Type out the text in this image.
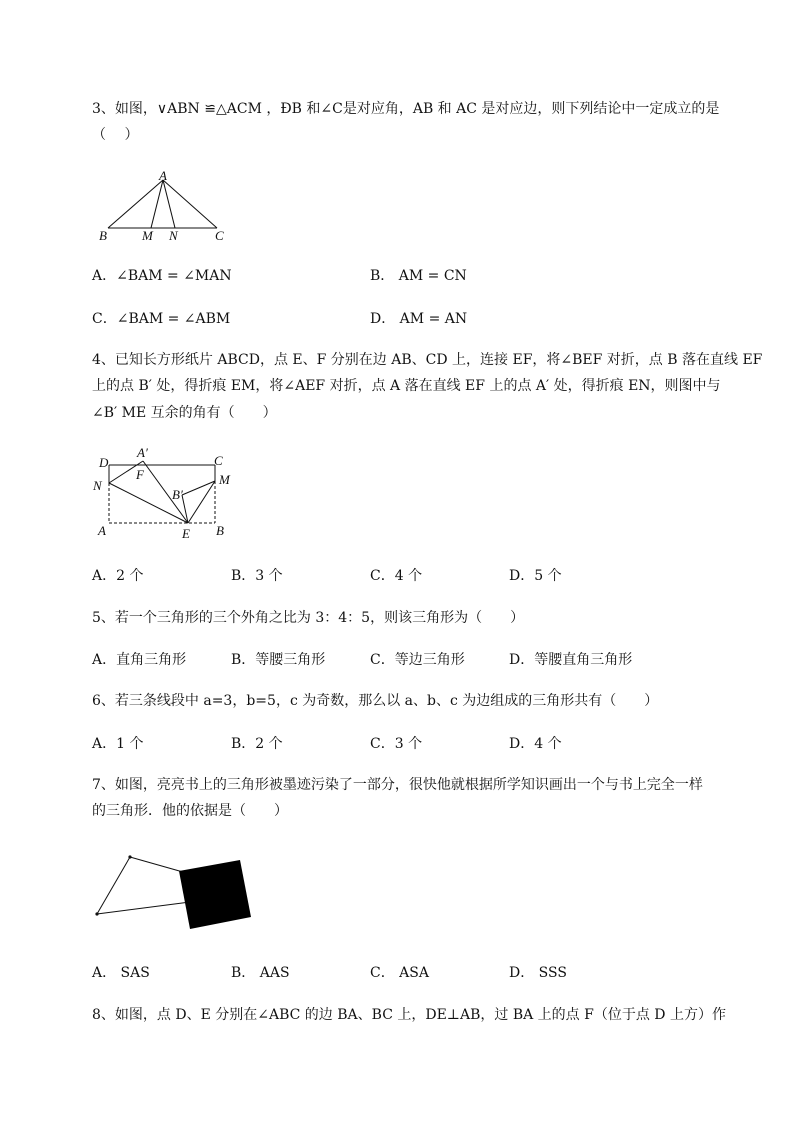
3、如图，∨ABN ≌△ACM ，ÐB 和∠C是对应角，AB 和 AC 是对应边，则下列结论中一定成立的是
（　 ）
A
B	M N	C
A．∠BAM = ∠MAN	B． AM = CN
C．∠BAM = ∠ABM	D． AM = AN
4、已知长方形纸片 ABCD，点 E、F 分别在边 AB、CD 上，连接 EF，将∠BEF 对折，点 B 落在直线 EF
上的点 B′ 处，得折痕 EM，将∠AEF 对折，点 A 落在直线 EF 上的点 A′ 处，得折痕 EN，则图中与
∠B′ ME 互余的角有（　　）
D
A′
C
F
N	M
B′
A	E B
A．2 个	B．3 个	C．4 个	D．5 个
5、若一个三角形的三个外角之比为 3：4：5，则该三角形为（　　）
A．直角三角形	B．等腰三角形	C．等边三角形	D．等腰直角三角形
6、若三条线段中 a=3，b=5，c 为奇数，那么以 a、b、c 为边组成的三角形共有（　　）
A．1 个	B．2 个	C．3 个	D．4 个
7、如图，亮亮书上的三角形被墨迹污染了一部分，很快他就根据所学知识画出一个与书上完全一样
的三角形．他的依据是（　　）
A． SAS	B． AAS	C． ASA	D． SSS
8、如图，点 D、E 分别在∠ABC 的边 BA、BC 上，DE⊥AB，过 BA 上的点 F（位于点 D 上方）作
